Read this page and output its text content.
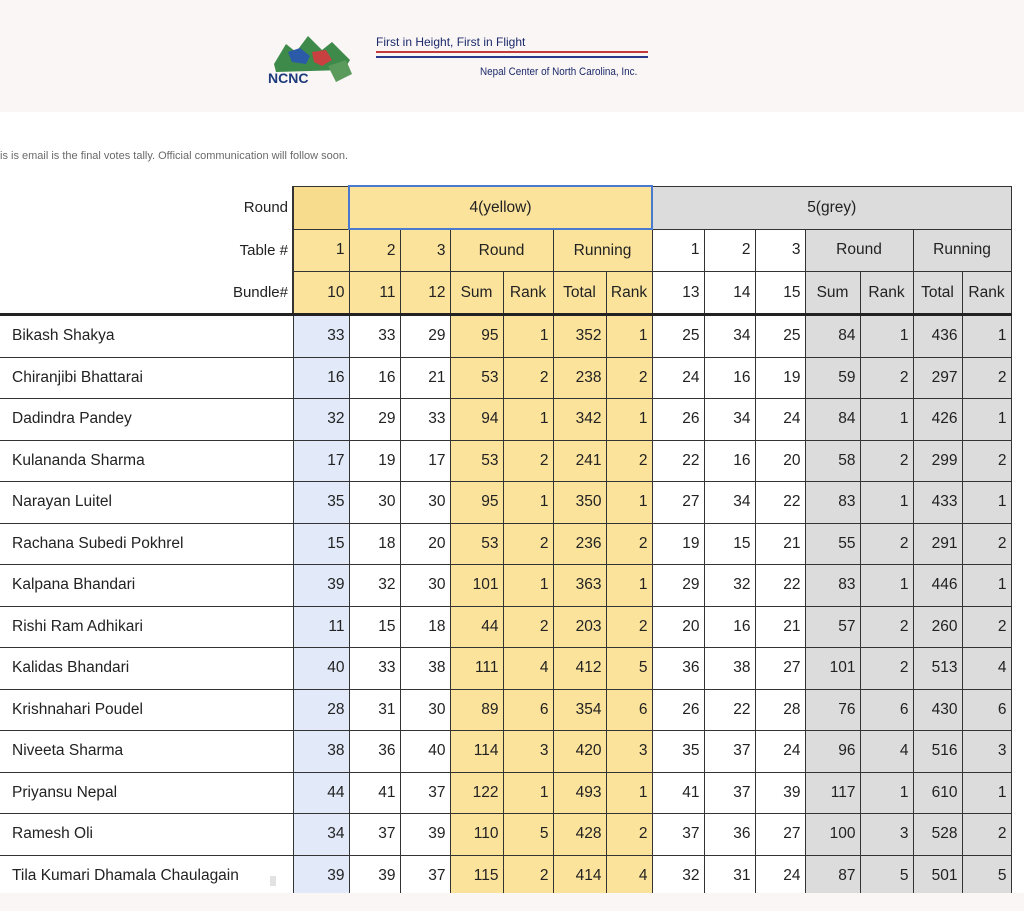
NCNC
First in Height, First in Flight
Nepal Center of North Carolina, Inc.
is is email is the final votes tally. Official communication will follow soon.
Round		4(yellow)						5(grey)						
Table #	1	2	3	Round		Running		1	2	3	Round		Running	
Bundle#	10	11	12	Sum	Rank	Total	Rank	13	14	15	Sum	Rank	Total	Rank
Bikash Shakya	33	33	29	95	1	352	1	25	34	25	84	1	436	1
Chiranjibi Bhattarai	16	16	21	53	2	238	2	24	16	19	59	2	297	2
Dadindra Pandey	32	29	33	94	1	342	1	26	34	24	84	1	426	1
Kulananda Sharma	17	19	17	53	2	241	2	22	16	20	58	2	299	2
Narayan Luitel	35	30	30	95	1	350	1	27	34	22	83	1	433	1
Rachana Subedi Pokhrel	15	18	20	53	2	236	2	19	15	21	55	2	291	2
Kalpana Bhandari	39	32	30	101	1	363	1	29	32	22	83	1	446	1
Rishi Ram Adhikari	11	15	18	44	2	203	2	20	16	21	57	2	260	2
Kalidas Bhandari	40	33	38	111	4	412	5	36	38	27	101	2	513	4
Krishnahari Poudel	28	31	30	89	6	354	6	26	22	28	76	6	430	6
Niveeta Sharma	38	36	40	114	3	420	3	35	37	24	96	4	516	3
Priyansu Nepal	44	41	37	122	1	493	1	41	37	39	117	1	610	1
Ramesh Oli	34	37	39	110	5	428	2	37	36	27	100	3	528	2
Tila Kumari Dhamala Chaulagain	39	39	37	115	2	414	4	32	31	24	87	5	501	5
